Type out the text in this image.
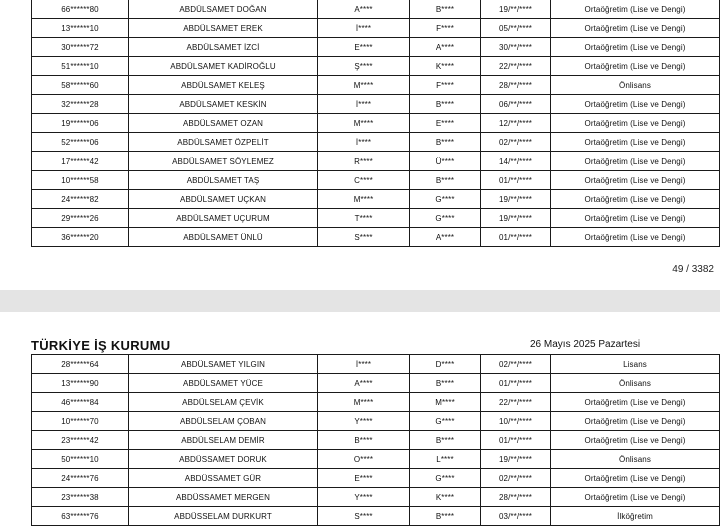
66******80	ABDÜLSAMET DOĞAN	A****	B****	19/**/****	Ortaöğretim (Lise ve Dengi)
13******10	ABDÜLSAMET EREK	İ****	F****	05/**/****	Ortaöğretim (Lise ve Dengi)
30******72	ABDÜLSAMET İZCİ	E****	A****	30/**/****	Ortaöğretim (Lise ve Dengi)
51******10	ABDÜLSAMET KADİROĞLU	Ş****	K****	22/**/****	Ortaöğretim (Lise ve Dengi)
58******60	ABDÜLSAMET KELEŞ	M****	F****	28/**/****	Önlisans
32******28	ABDÜLSAMET KESKİN	İ****	B****	06/**/****	Ortaöğretim (Lise ve Dengi)
19******06	ABDÜLSAMET OZAN	M****	E****	12/**/****	Ortaöğretim (Lise ve Dengi)
52******06	ABDÜLSAMET ÖZPELİT	İ****	B****	02/**/****	Ortaöğretim (Lise ve Dengi)
17******42	ABDÜLSAMET SÖYLEMEZ	R****	Ü****	14/**/****	Ortaöğretim (Lise ve Dengi)
10******58	ABDÜLSAMET TAŞ	C****	B****	01/**/****	Ortaöğretim (Lise ve Dengi)
24******82	ABDÜLSAMET UÇKAN	M****	G****	19/**/****	Ortaöğretim (Lise ve Dengi)
29******26	ABDÜLSAMET UÇURUM	T****	G****	19/**/****	Ortaöğretim (Lise ve Dengi)
36******20	ABDÜLSAMET ÜNLÜ	S****	A****	01/**/****	Ortaöğretim (Lise ve Dengi)
49 / 3382
TÜRKİYE İŞ KURUMU	26 Mayıs 2025 Pazartesi
28******64	ABDÜLSAMET YILGIN	İ****	D****	02/**/****	Lisans
13******90	ABDÜLSAMET YÜCE	A****	B****	01/**/****	Önlisans
46******84	ABDÜLSELAM ÇEVİK	M****	M****	22/**/****	Ortaöğretim (Lise ve Dengi)
10******70	ABDÜLSELAM ÇOBAN	Y****	G****	10/**/****	Ortaöğretim (Lise ve Dengi)
23******42	ABDÜLSELAM DEMİR	B****	B****	01/**/****	Ortaöğretim (Lise ve Dengi)
50******10	ABDÜSSAMET DORUK	O****	L****	19/**/****	Önlisans
24******76	ABDÜSSAMET GÜR	E****	G****	02/**/****	Ortaöğretim (Lise ve Dengi)
23******38	ABDÜSSAMET MERGEN	Y****	K****	28/**/****	Ortaöğretim (Lise ve Dengi)
63******76	ABDÜSSELAM DURKURT	S****	B****	03/**/****	İlköğretim
